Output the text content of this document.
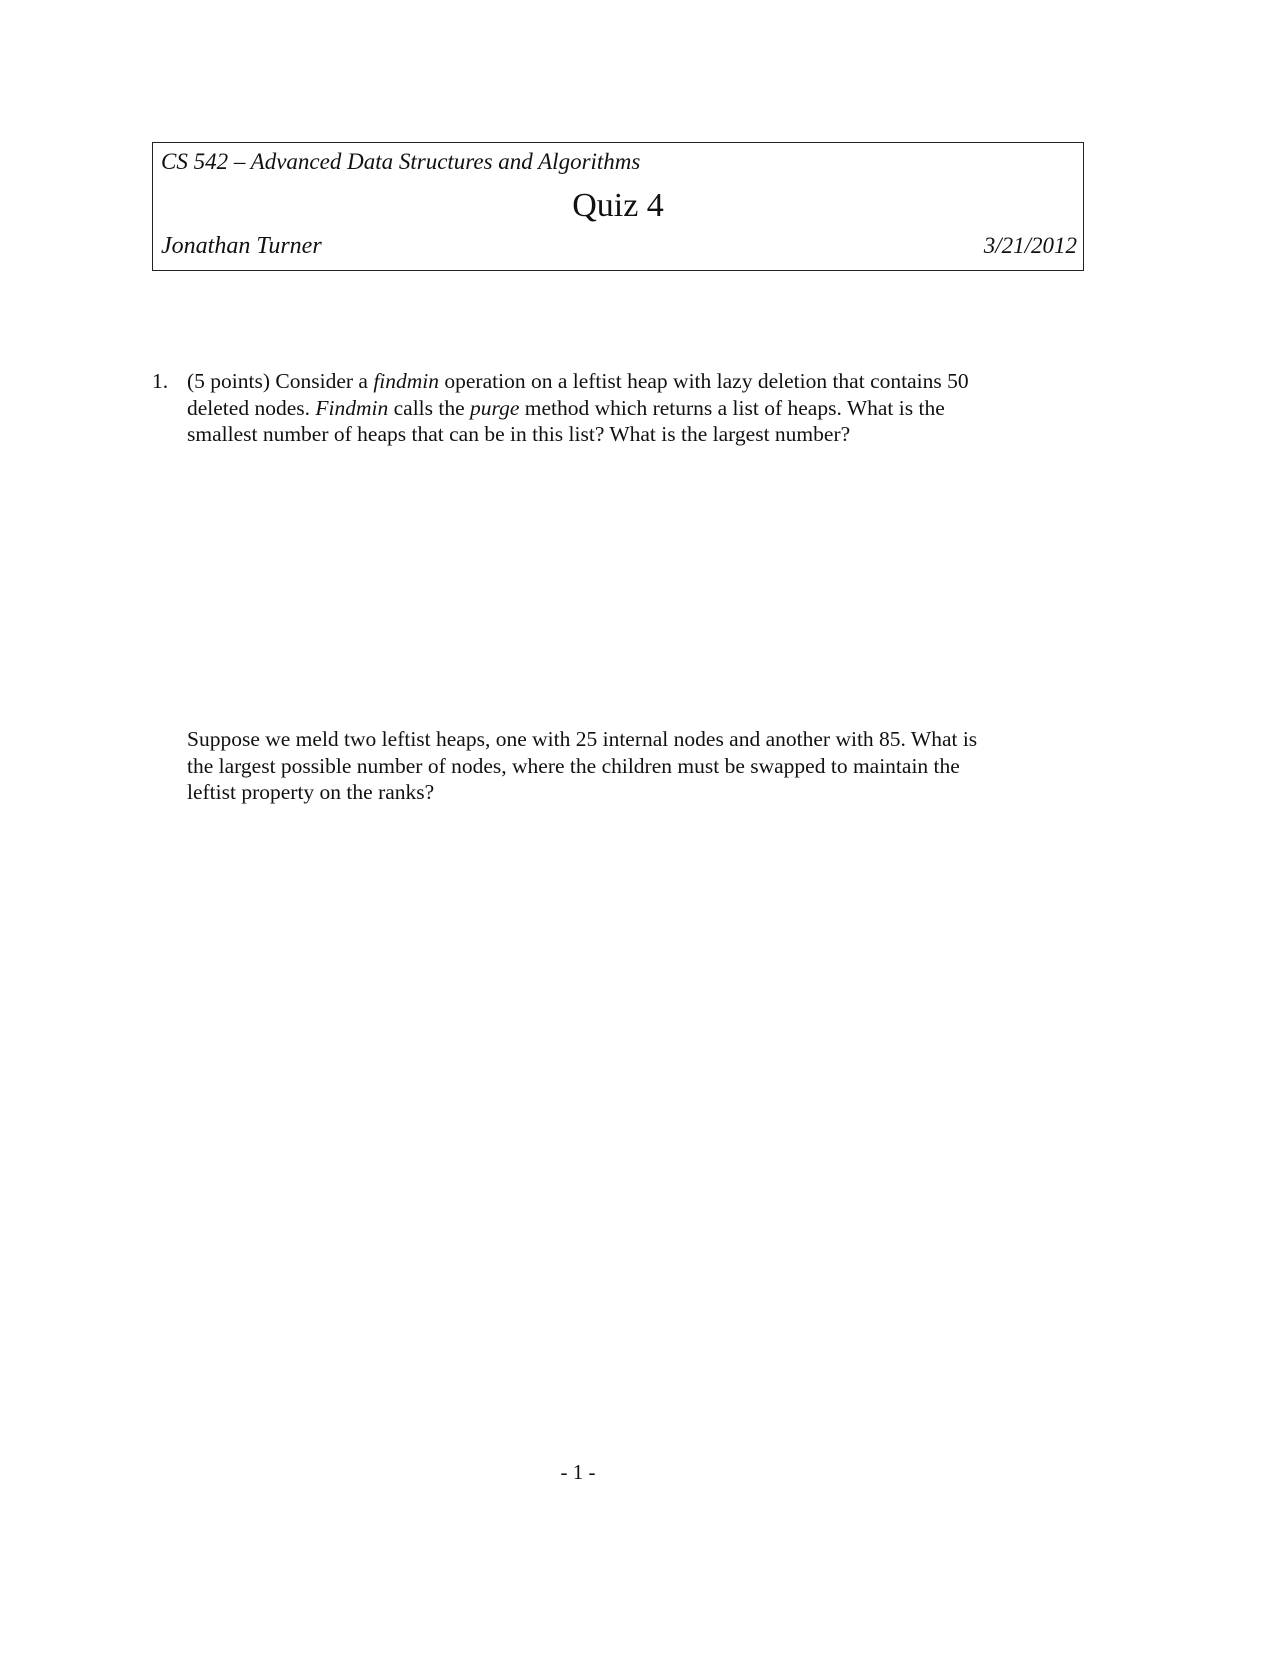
CS 542 – Advanced Data Structures and Algorithms
Quiz 4
Jonathan Turner	3/21/2012
1. (5 points) Consider a findmin operation on a leftist heap with lazy deletion that contains 50
deleted nodes. Findmin calls the purge method which returns a list of heaps. What is the
smallest number of heaps that can be in this list? What is the largest number?
Suppose we meld two leftist heaps, one with 25 internal nodes and another with 85. What is
the largest possible number of nodes, where the children must be swapped to maintain the
leftist property on the ranks?
- 1 -
